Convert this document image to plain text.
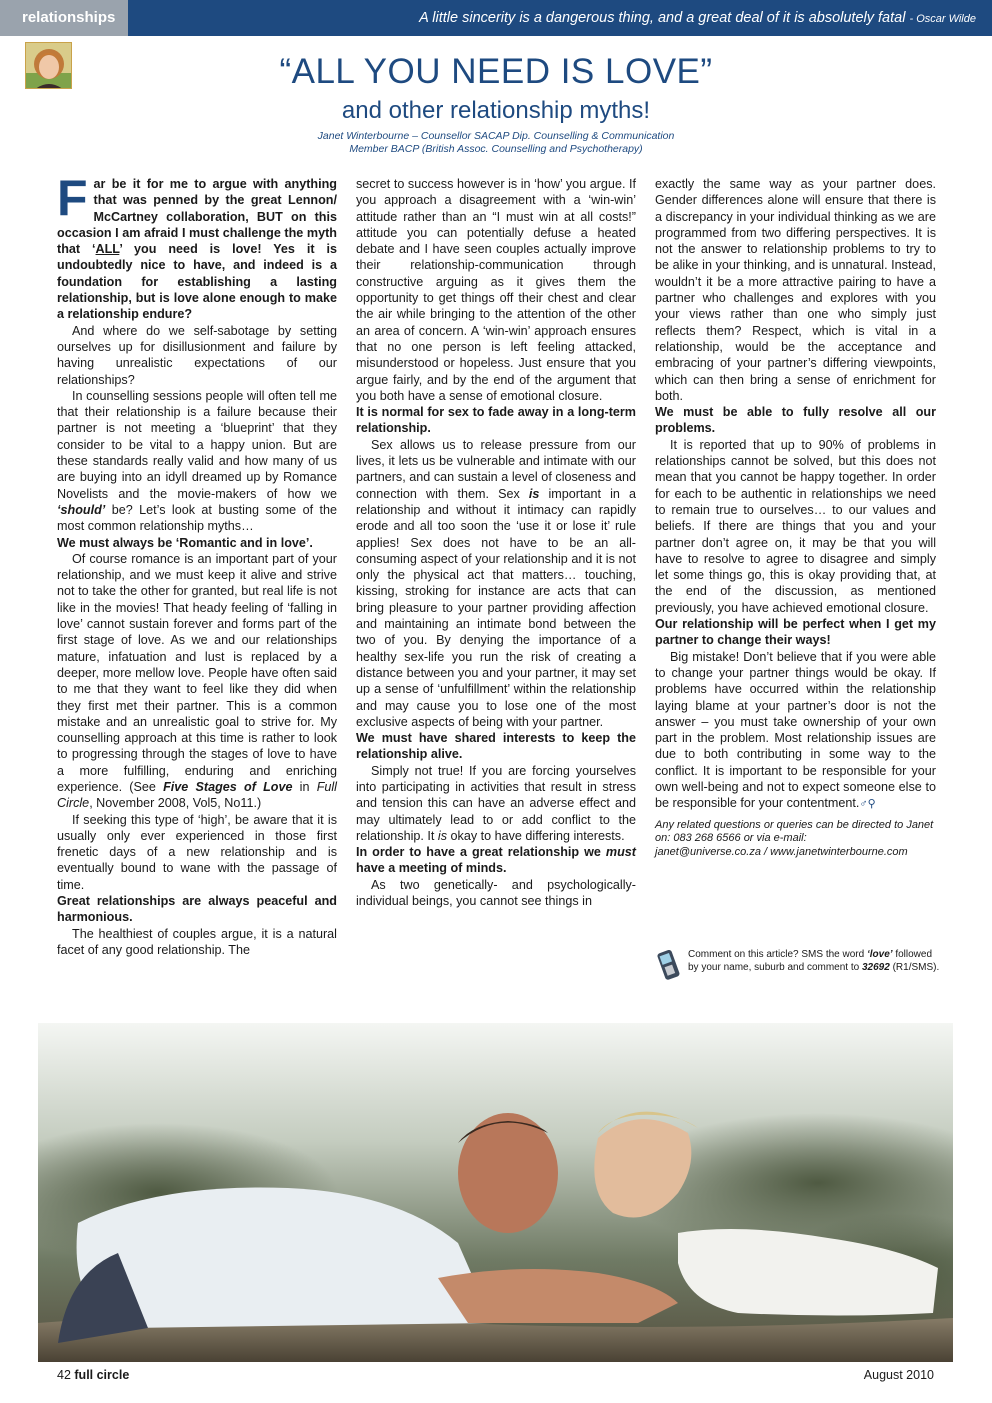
relationships	A little sincerity is a dangerous thing, and a great deal of it is absolutely fatal - Oscar Wilde
“ALL YOU NEED IS LOVE”
and other relationship myths!
Janet Winterbourne – Counsellor SACAP Dip. Counselling & Communication
Member BACP (British Assoc. Counselling and Psychotherapy)

Far be it for me to argue with anything that was penned by the great Lennon/ McCartney collaboration, BUT on this occasion I am afraid I must challenge the myth that ‘ALL’ you need is love! Yes it is undoubtedly nice to have, and indeed is a foundation for establishing a lasting relationship, but is love alone enough to make a relationship endure?

And where do we self-sabotage by setting ourselves up for disillusionment and failure by having unrealistic expectations of our relationships?

In counselling sessions people will often tell me that their relationship is a failure because their partner is not meeting a ‘blueprint’ that they consider to be vital to a happy union. But are these standards really valid and how many of us are buying into an idyll dreamed up by Romance Novelists and the movie-makers of how we ‘should’ be? Let’s look at busting some of the most common relationship myths…

We must always be ‘Romantic and in love’.

Of course romance is an important part of your relationship, and we must keep it alive and strive not to take the other for granted, but real life is not like in the movies! That heady feeling of ‘falling in love’ cannot sustain forever and forms part of the first stage of love. As we and our relationships mature, infatuation and lust is replaced by a deeper, more mellow love. People have often said to me that they want to feel like they did when they first met their partner. This is a common mistake and an unrealistic goal to strive for. My counselling approach at this time is rather to look to progressing through the stages of love to have a more fulfilling, enduring and enriching experience. (See Five Stages of Love in Full Circle, November 2008, Vol5, No11.)

If seeking this type of ‘high’, be aware that it is usually only ever experienced in those first frenetic days of a new relationship and is eventually bound to wane with the passage of time.

Great relationships are always peaceful and harmonious.

The healthiest of couples argue, it is a natural facet of any good relationship. The

secret to success however is in ‘how’ you argue. If you approach a disagreement with a ‘win-win’ attitude rather than an “I must win at all costs!” attitude you can potentially defuse a heated debate and I have seen couples actually improve their relationship-communication through constructive arguing as it gives them the opportunity to get things off their chest and clear the air while bringing to the attention of the other an area of concern. A ‘win-win’ approach ensures that no one person is left feeling attacked, misunderstood or hopeless. Just ensure that you argue fairly, and by the end of the argument that you both have a sense of emotional closure.

It is normal for sex to fade away in a long-term relationship.

Sex allows us to release pressure from our lives, it lets us be vulnerable and intimate with our partners, and can sustain a level of closeness and connection with them. Sex is important in a relationship and without it intimacy can rapidly erode and all too soon the ‘use it or lose it’ rule applies! Sex does not have to be an all-consuming aspect of your relationship and it is not only the physical act that matters… touching, kissing, stroking for instance are acts that can bring pleasure to your partner providing affection and maintaining an intimate bond between the two of you. By denying the importance of a healthy sex-life you run the risk of creating a distance between you and your partner, it may set up a sense of ‘unfulfillment’ within the relationship and may cause you to lose one of the most exclusive aspects of being with your partner.

We must have shared interests to keep the relationship alive.

Simply not true! If you are forcing yourselves into participating in activities that result in stress and tension this can have an adverse effect and may ultimately lead to or add conflict to the relationship. It is okay to have differing interests.

In order to have a great relationship we must have a meeting of minds.

As two genetically- and psychologically-individual beings, you cannot see things in

exactly the same way as your partner does. Gender differences alone will ensure that there is a discrepancy in your individual thinking as we are programmed from two differing perspectives. It is not the answer to relationship problems to try to be alike in your thinking, and is unnatural. Instead, wouldn’t it be a more attractive pairing to have a partner who challenges and explores with you your views rather than one who simply just reflects them? Respect, which is vital in a relationship, would be the acceptance and embracing of your partner’s differing viewpoints, which can then bring a sense of enrichment for both.

We must be able to fully resolve all our problems.

It is reported that up to 90% of problems in relationships cannot be solved, but this does not mean that you cannot be happy together. In order for each to be authentic in relationships we need to remain true to ourselves… to our values and beliefs. If there are things that you and your partner don’t agree on, it may be that you will have to resolve to agree to disagree and simply let some things go, this is okay providing that, at the end of the discussion, as mentioned previously, you have achieved emotional closure.

Our relationship will be perfect when I get my partner to change their ways!

Big mistake! Don’t believe that if you were able to change your partner things would be okay. If problems have occurred within the relationship laying blame at your partner’s door is not the answer – you must take ownership of your own part in the problem. Most relationship issues are due to both contributing in some way to the conflict. It is important to be responsible for your own well-being and not to expect someone else to be responsible for your contentment.♂⚲

Any related questions or queries can be directed to Janet on: 083 268 6566 or via e-mail:
janet@universe.co.za / www.janetwinterbourne.com

Comment on this article? SMS the word ‘love’ followed by your name, suburb and comment to 32692 (R1/SMS).
42 full circle	August 2010
